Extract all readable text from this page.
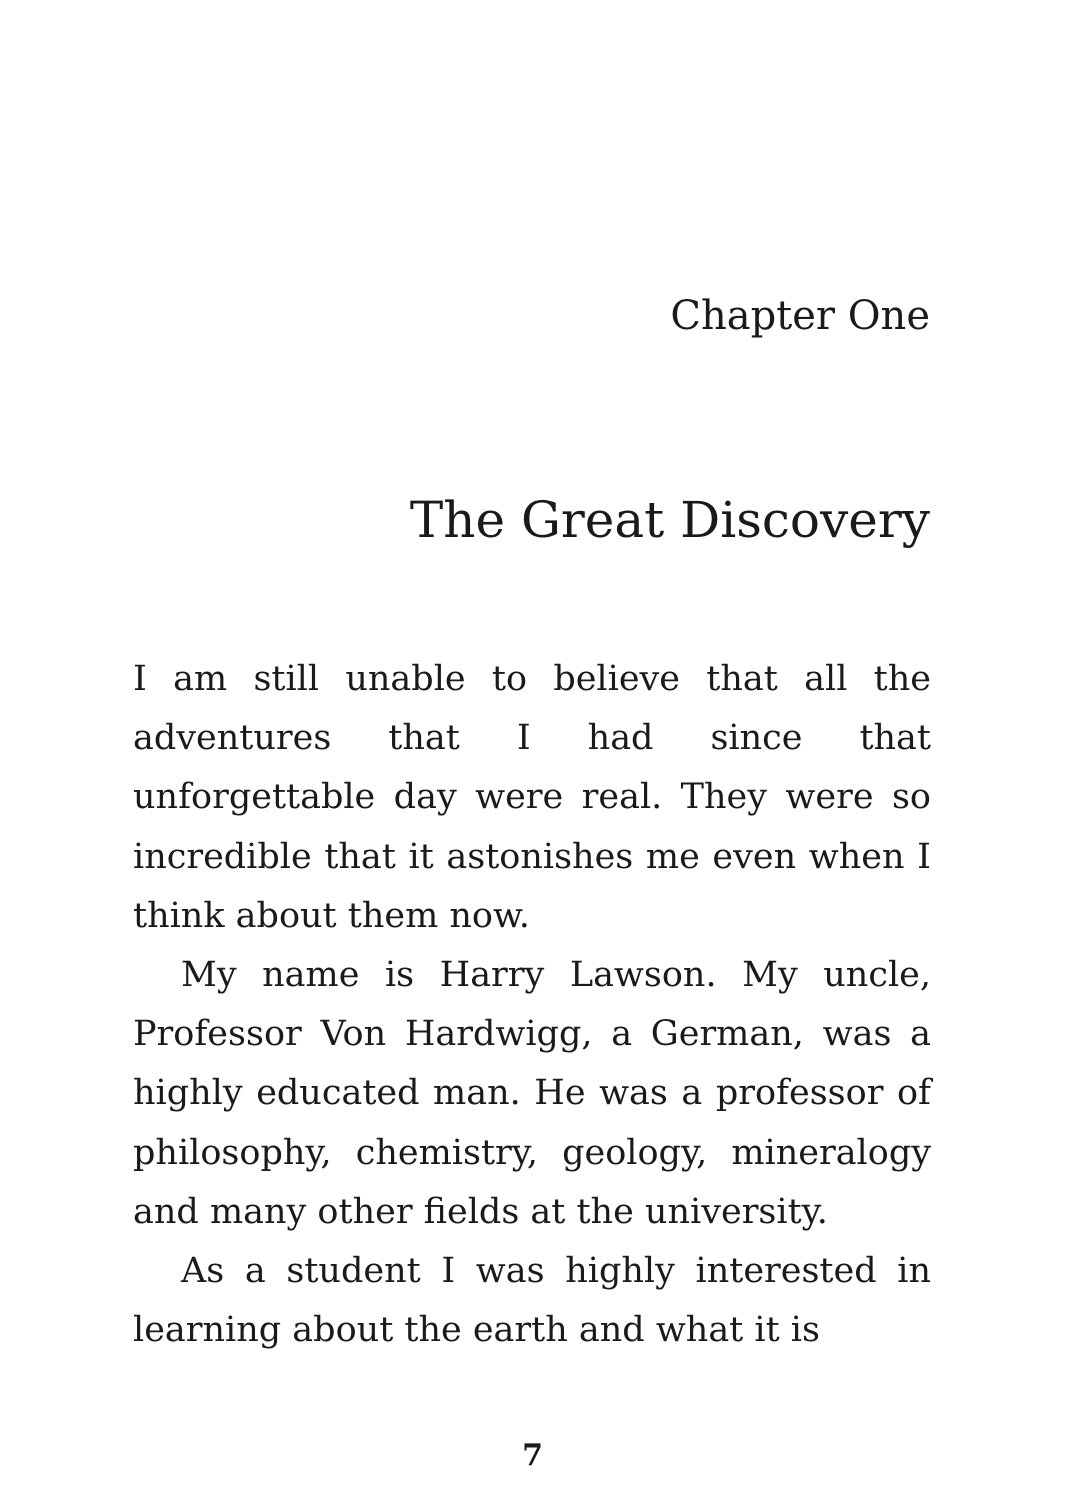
Chapter One
The Great Discovery

I am still unable to believe that all the adventures that I had since that unforgettable day were real. They were so incredible that it astonishes me even when I think about them now.

My name is Harry Lawson. My uncle, Professor Von Hardwigg, a German, was a highly educated man. He was a professor of philosophy, chemistry, geology, mineralogy and many other fields at the university.

As a student I was highly interested in learning about the earth and what it is

7
